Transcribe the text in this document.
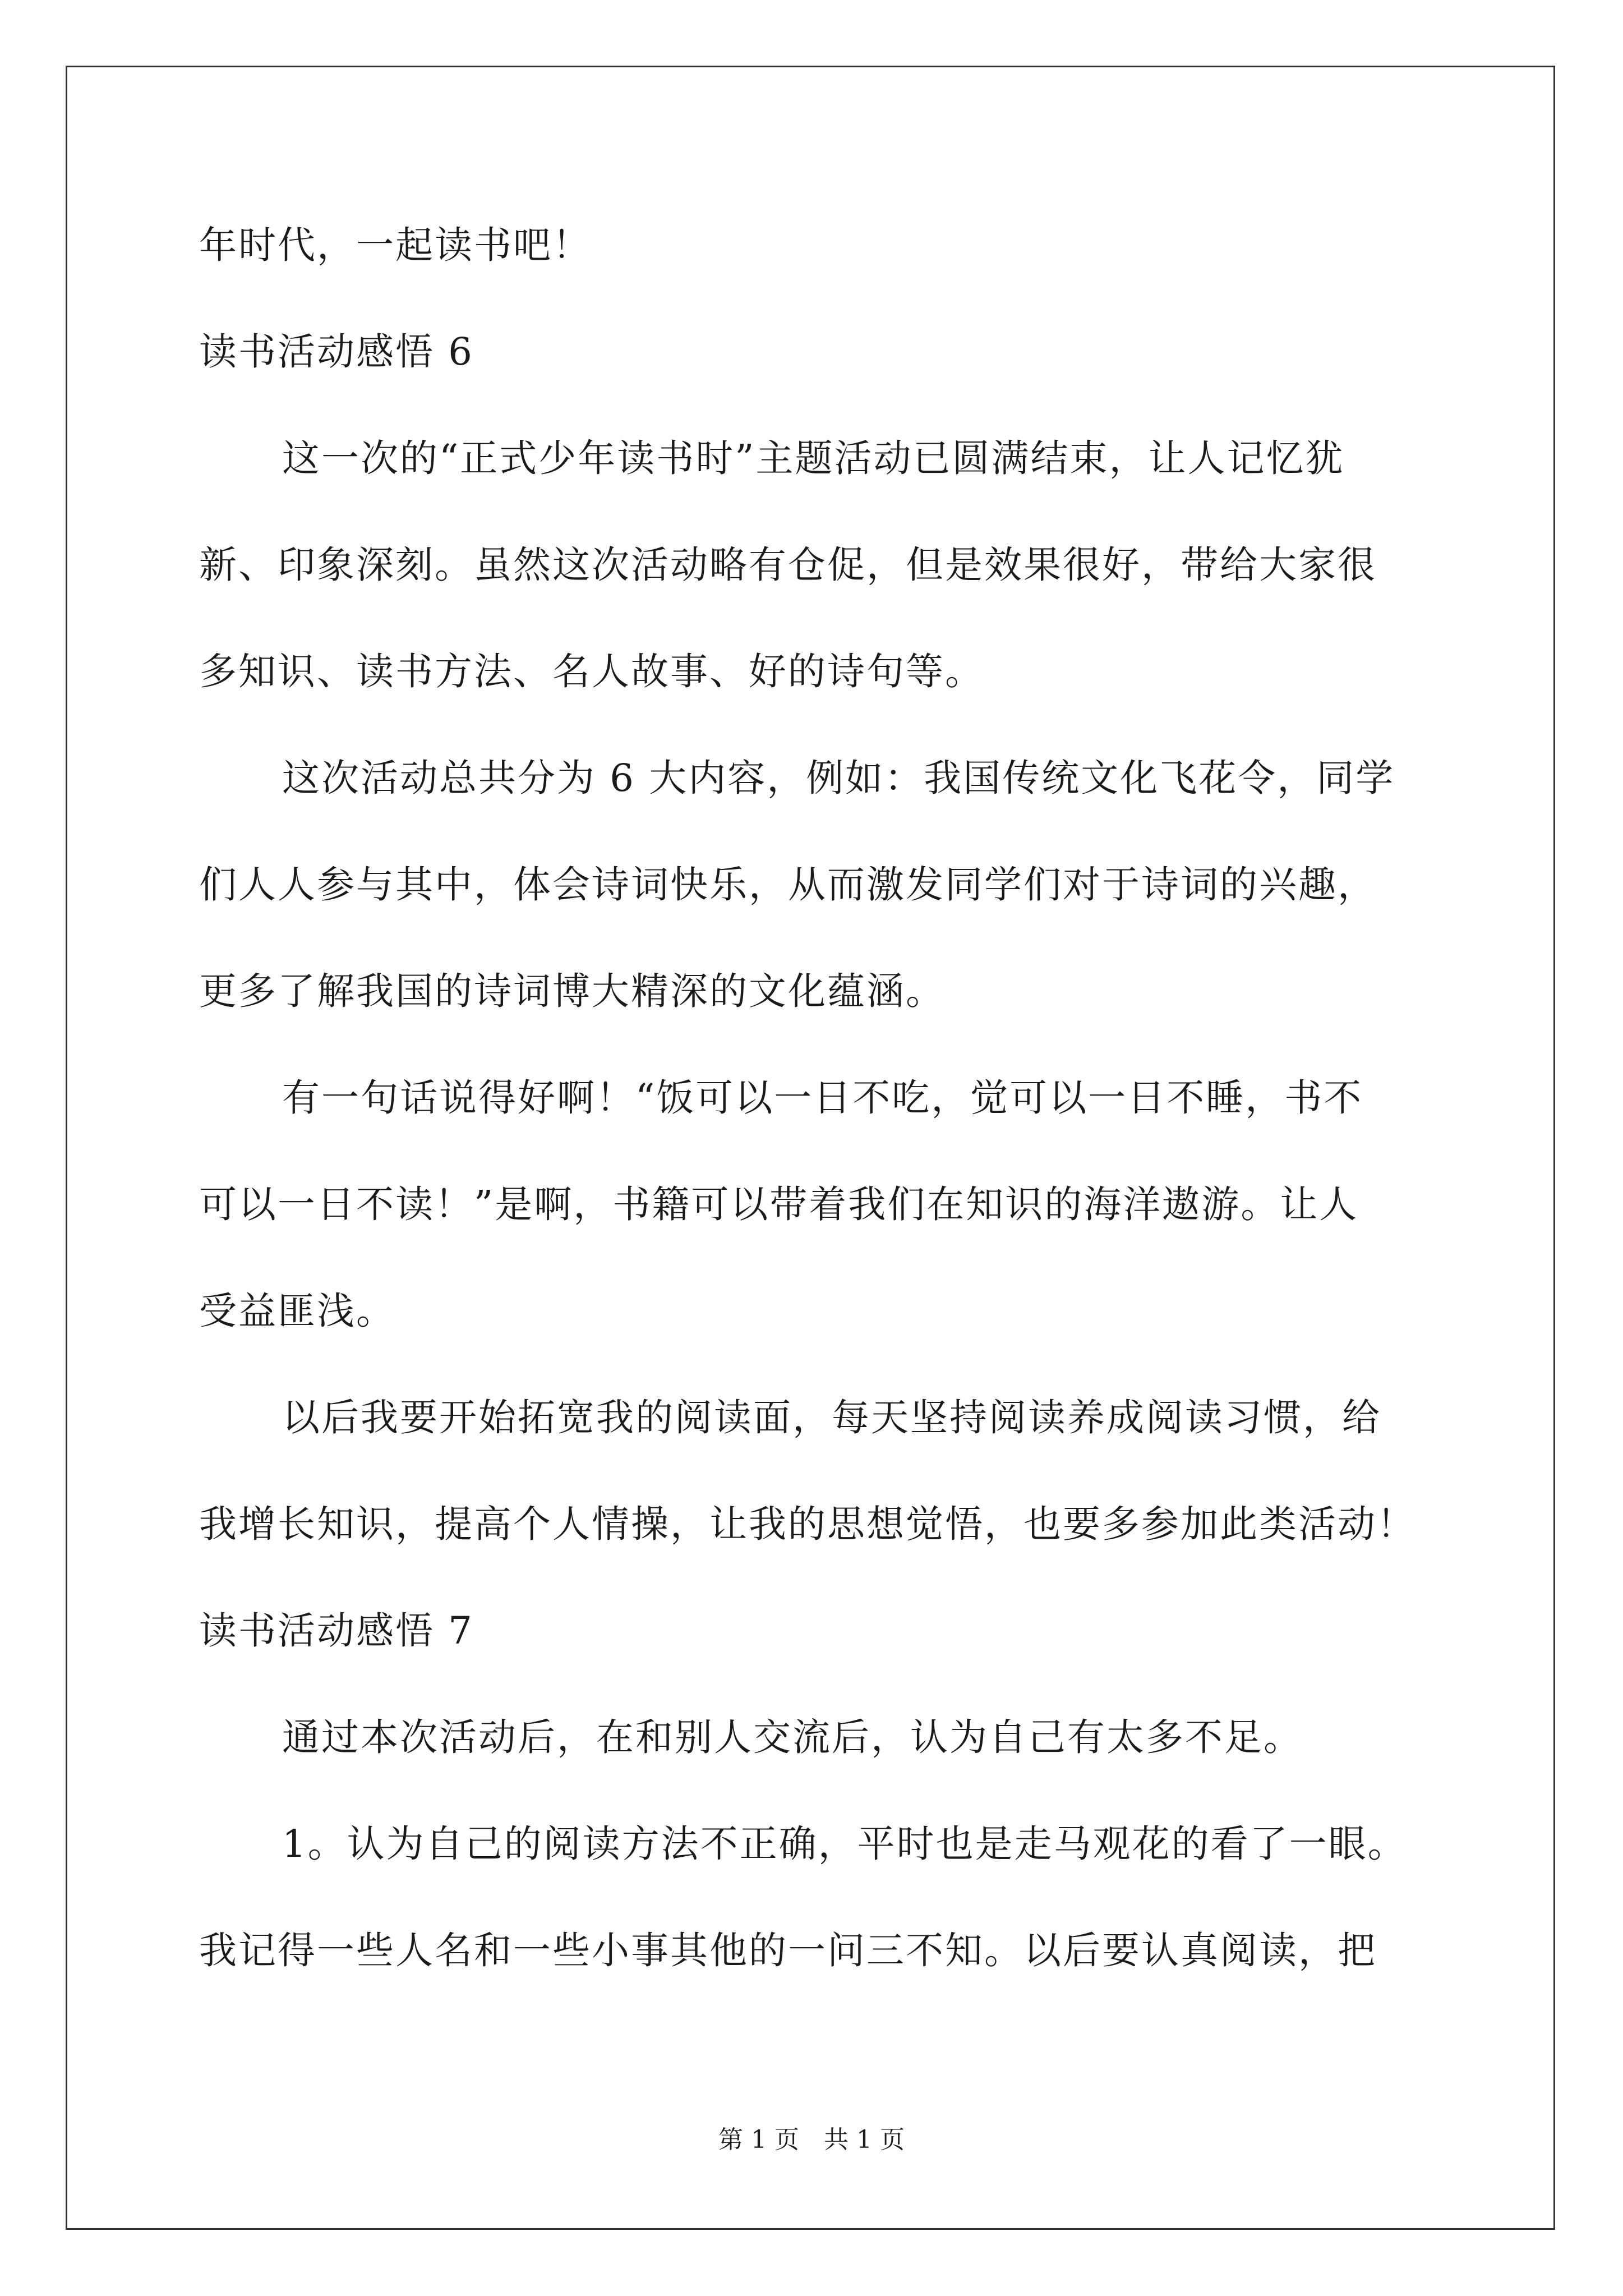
年时代，一起读书吧！
读书活动感悟 6
这一次的“正式少年读书时”主题活动已圆满结束，让人记忆犹
新、印象深刻。虽然这次活动略有仓促，但是效果很好，带给大家很
多知识、读书方法、名人故事、好的诗句等。
这次活动总共分为 6 大内容，例如：我国传统文化飞花令，同学
们人人参与其中，体会诗词快乐，从而激发同学们对于诗词的兴趣，
更多了解我国的诗词博大精深的文化蕴涵。
有一句话说得好啊！“饭可以一日不吃，觉可以一日不睡，书不
可以一日不读！”是啊，书籍可以带着我们在知识的海洋遨游。让人
受益匪浅。
以后我要开始拓宽我的阅读面，每天坚持阅读养成阅读习惯，给
我增长知识，提高个人情操，让我的思想觉悟，也要多参加此类活动！
读书活动感悟 7
通过本次活动后，在和别人交流后，认为自己有太多不足。
1。认为自己的阅读方法不正确，平时也是走马观花的看了一眼。
我记得一些人名和一些小事其他的一问三不知。以后要认真阅读，把
第 1 页 共 1 页
